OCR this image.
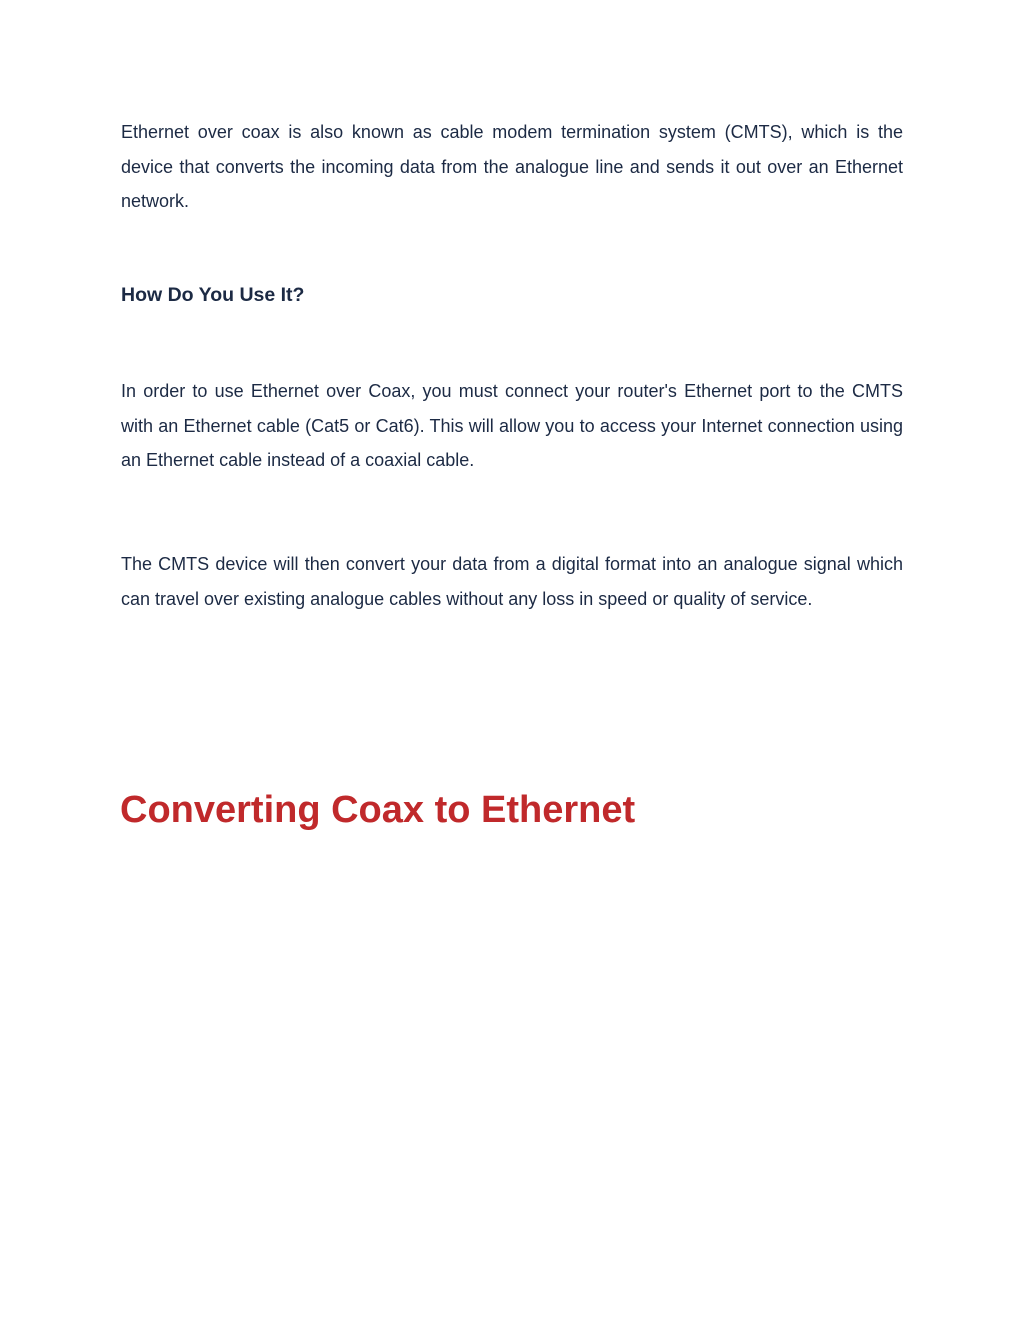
Ethernet over coax is also known as cable modem termination system (CMTS), which is the device that converts the incoming data from the analogue line and sends it out over an Ethernet network.

How Do You Use It?

In order to use Ethernet over Coax, you must connect your router's Ethernet port to the CMTS with an Ethernet cable (Cat5 or Cat6). This will allow you to access your Internet connection using an Ethernet cable instead of a coaxial cable.

The CMTS device will then convert your data from a digital format into an analogue signal which can travel over existing analogue cables without any loss in speed or quality of service.

Converting Coax to Ethernet
